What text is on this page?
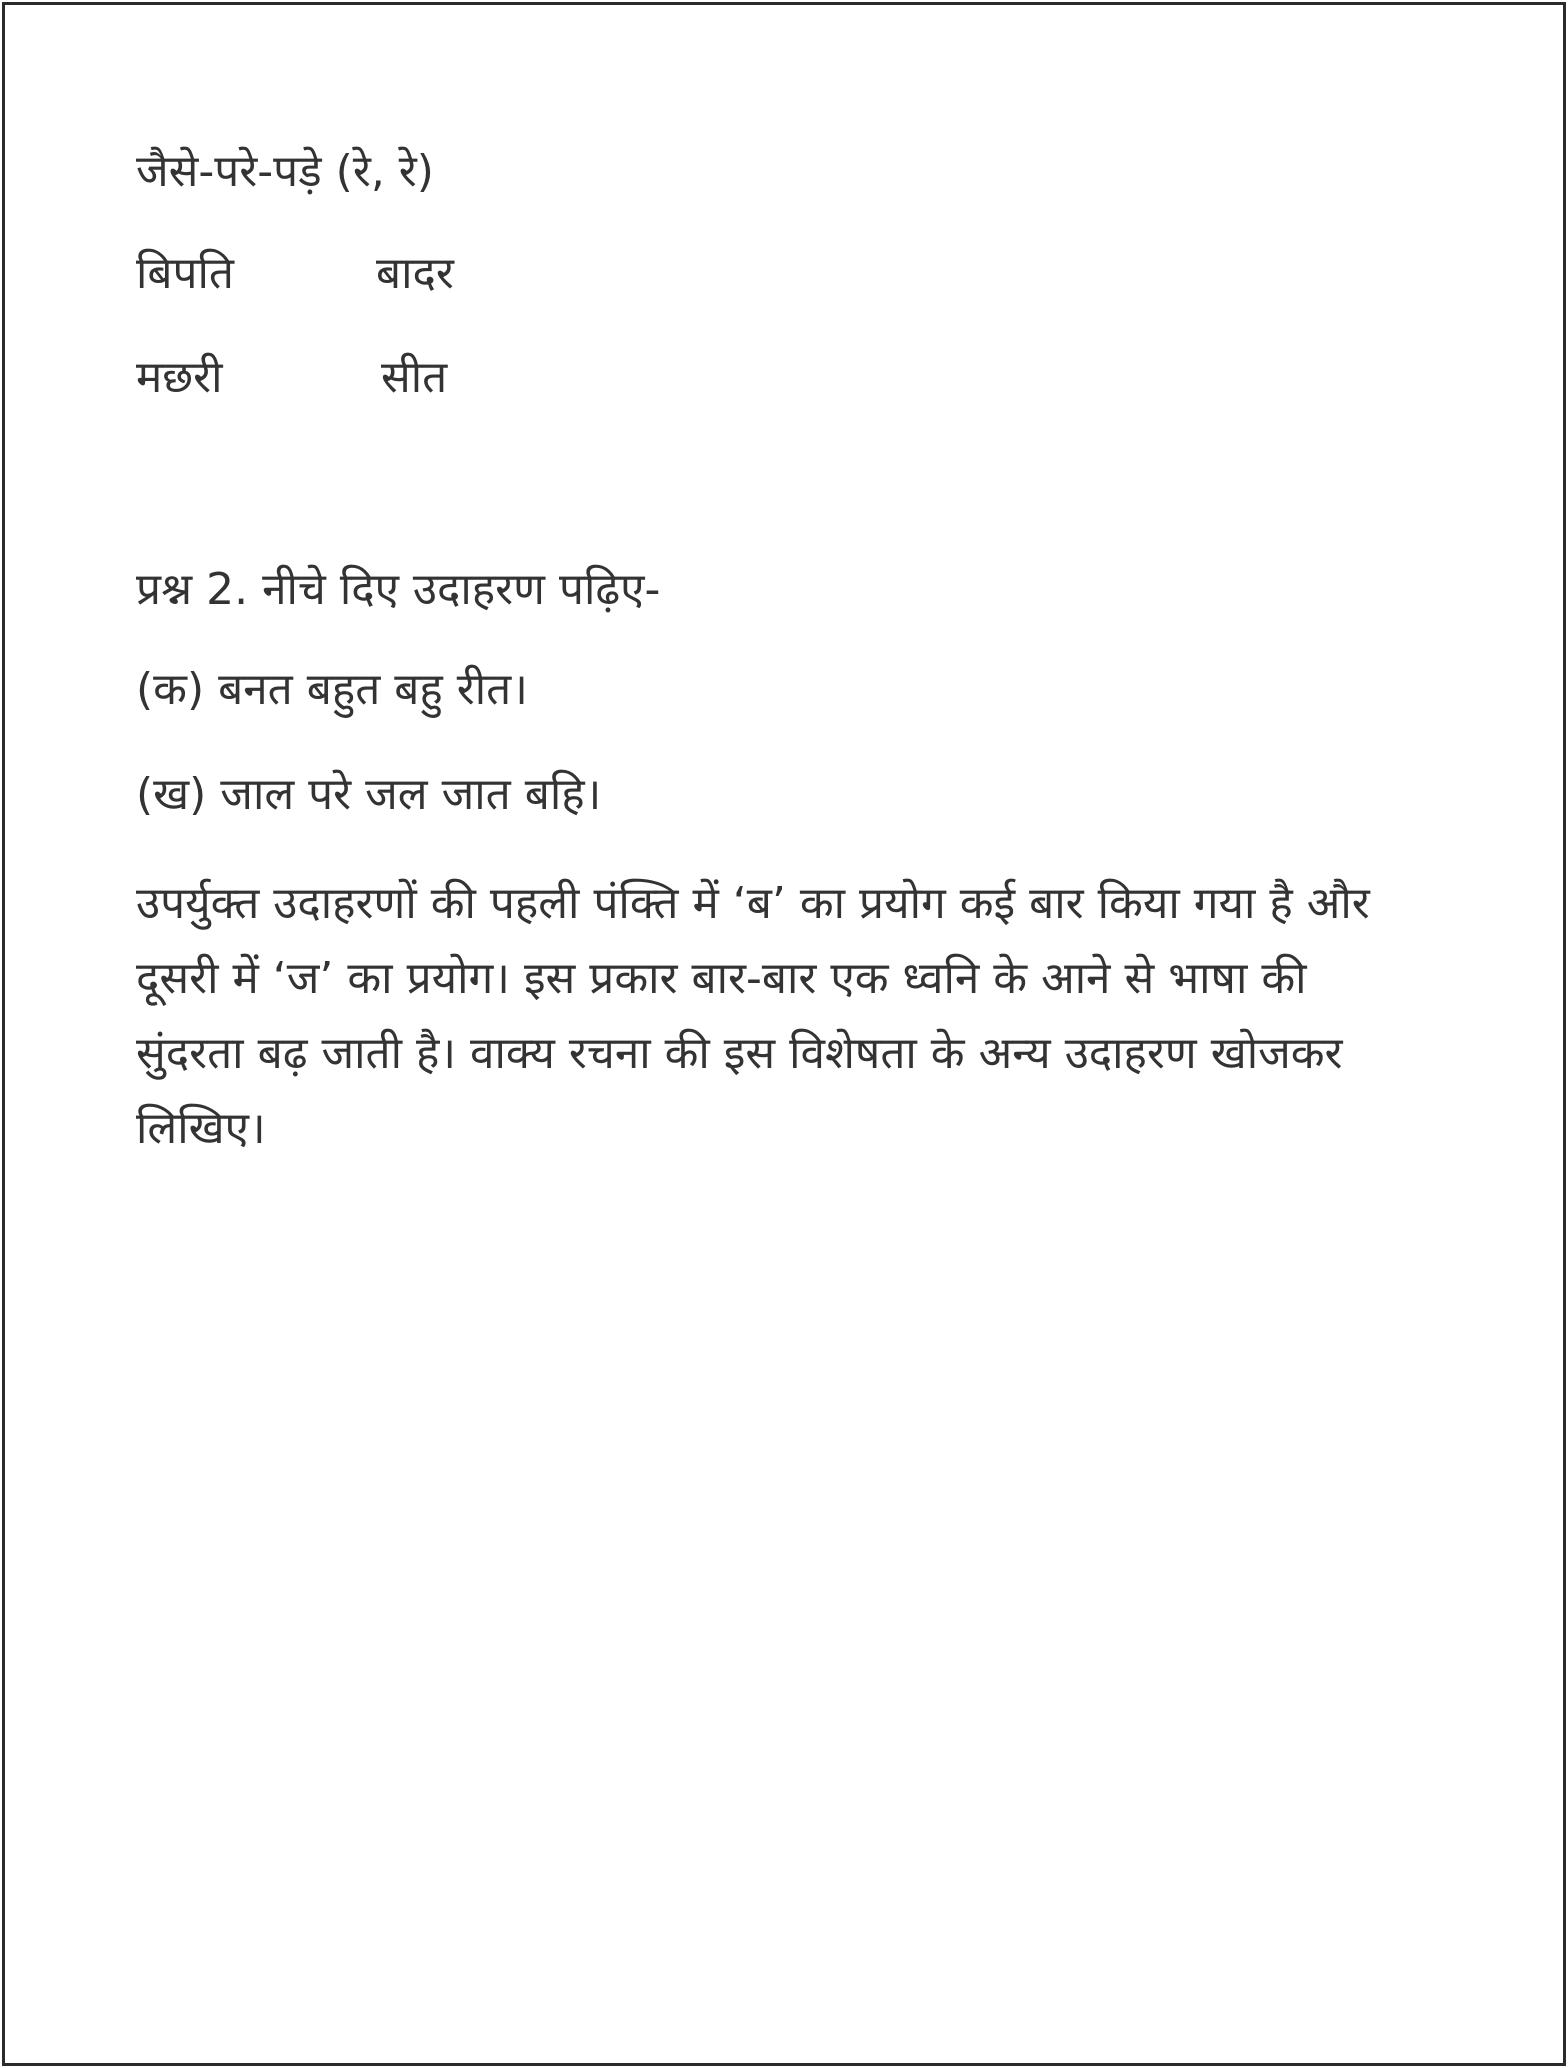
जैसे-परे-पड़े (रे, रे)
बिपति	बादर
मछरी	सीत
प्रश्न 2. नीचे दिए उदाहरण पढ़िए-
(क) बनत बहुत बहु रीत।
(ख) जाल परे जल जात बहि।
उपर्युक्त उदाहरणों की पहली पंक्ति में ‘ब’ का प्रयोग कई बार किया गया है और दूसरी में ‘ज’ का प्रयोग। इस प्रकार बार-बार एक ध्वनि के आने से भाषा की सुंदरता बढ़ जाती है। वाक्य रचना की इस विशेषता के अन्य उदाहरण खोजकर लिखिए।
